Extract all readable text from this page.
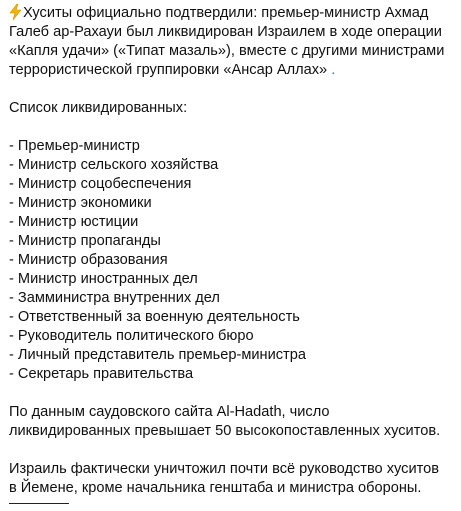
Хуситы официально подтвердили: премьер-министр Ахмад
Галеб ар-Рахауи был ликвидирован Израилем в ходе операции
«Капля удачи» («Типат мазаль»), вместе с другими министрами
террористической группировки «Ансар Аллах» .

Список ликвидированных:

- Премьер-министр
- Министр сельского хозяйства
- Министр соцобеспечения
- Министр экономики
- Министр юстиции
- Министр пропаганды
- Министр образования
- Министр иностранных дел
- Замминистра внутренних дел
- Ответственный за военную деятельность
- Руководитель политического бюро
- Личный представитель премьер-министра
- Секретарь правительства

По данным саудовского сайта Al-Hadath, число
ликвидированных превышает 50 высокопоставленных хуситов.

Израиль фактически уничтожил почти всё руководство хуситов
в Йемене, кроме начальника генштаба и министра обороны.
